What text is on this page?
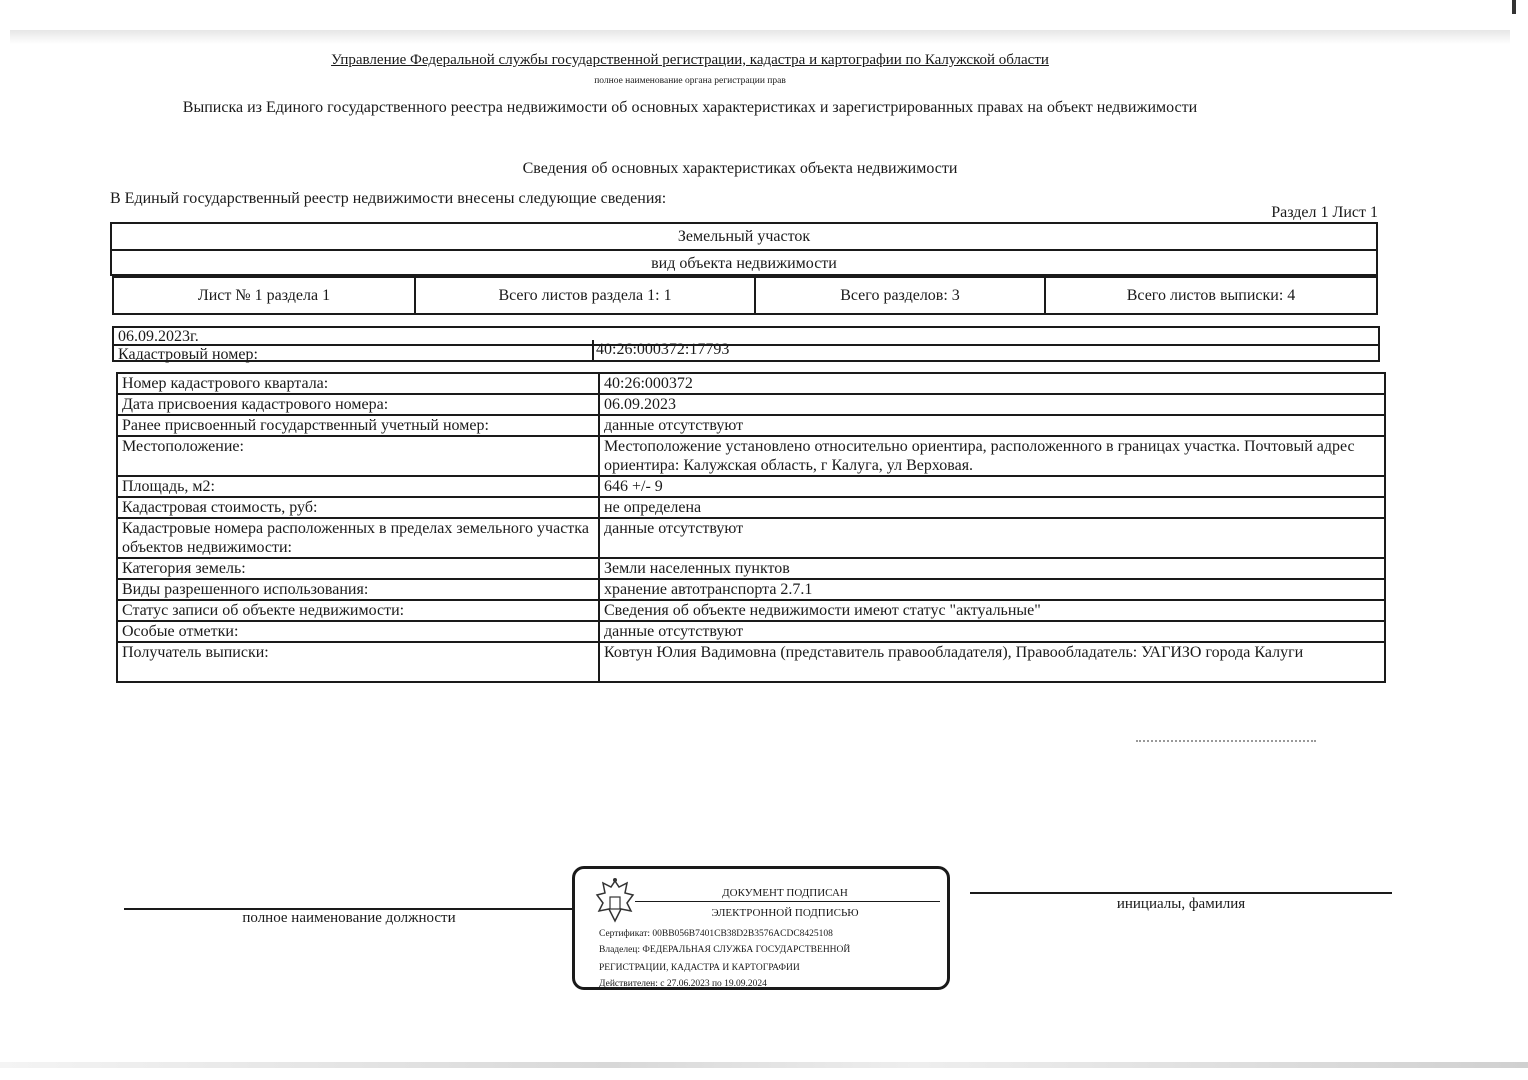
Управление Федеральной службы государственной регистрации, кадастра и картографии по Калужской области
полное наименование органа регистрации прав
Выписка из Единого государственного реестра недвижимости об основных характеристиках и зарегистрированных правах на объект недвижимости
Сведения об основных характеристиках объекта недвижимости
В Единый государственный реестр недвижимости внесены следующие сведения:
Раздел 1 Лист 1
Земельный участок
вид объекта недвижимости
Лист № 1 раздела 1	Всего листов раздела 1: 1	Всего разделов: 3	Всего листов выписки: 4
06.09.2023г.
Кадастровый номер:	40:26:000372:17793
Номер кадастрового квартала:	40:26:000372
Дата присвоения кадастрового номера:	06.09.2023
Ранее присвоенный государственный учетный номер:	данные отсутствуют
Местоположение:	Местоположение установлено относительно ориентира, расположенного в границах участка. Почтовый адрес ориентира: Калужская область, г Калуга, ул Верховая.
Площадь, м2:	646 +/- 9
Кадастровая стоимость, руб:	не определена
Кадастровые номера расположенных в пределах земельного участка объектов недвижимости:	данные отсутствуют
Категория земель:	Земли населенных пунктов
Виды разрешенного использования:	хранение автотранспорта 2.7.1
Статус записи об объекте недвижимости:	Сведения об объекте недвижимости имеют статус "актуальные"
Особые отметки:	данные отсутствуют
Получатель выписки:	Ковтун Юлия Вадимовна (представитель правообладателя), Правообладатель: УАГИЗО города Калуги
полное наименование должности
инициалы, фамилия
ДОКУМЕНТ ПОДПИСАН
ЭЛЕКТРОННОЙ ПОДПИСЬЮ
Сертификат: 00BB056B7401CB38D2B3576ACDC8425108
Владелец: ФЕДЕРАЛЬНАЯ СЛУЖБА ГОСУДАРСТВЕННОЙ
РЕГИСТРАЦИИ, КАДАСТРА И КАРТОГРАФИИ
Действителен: с 27.06.2023 по 19.09.2024
